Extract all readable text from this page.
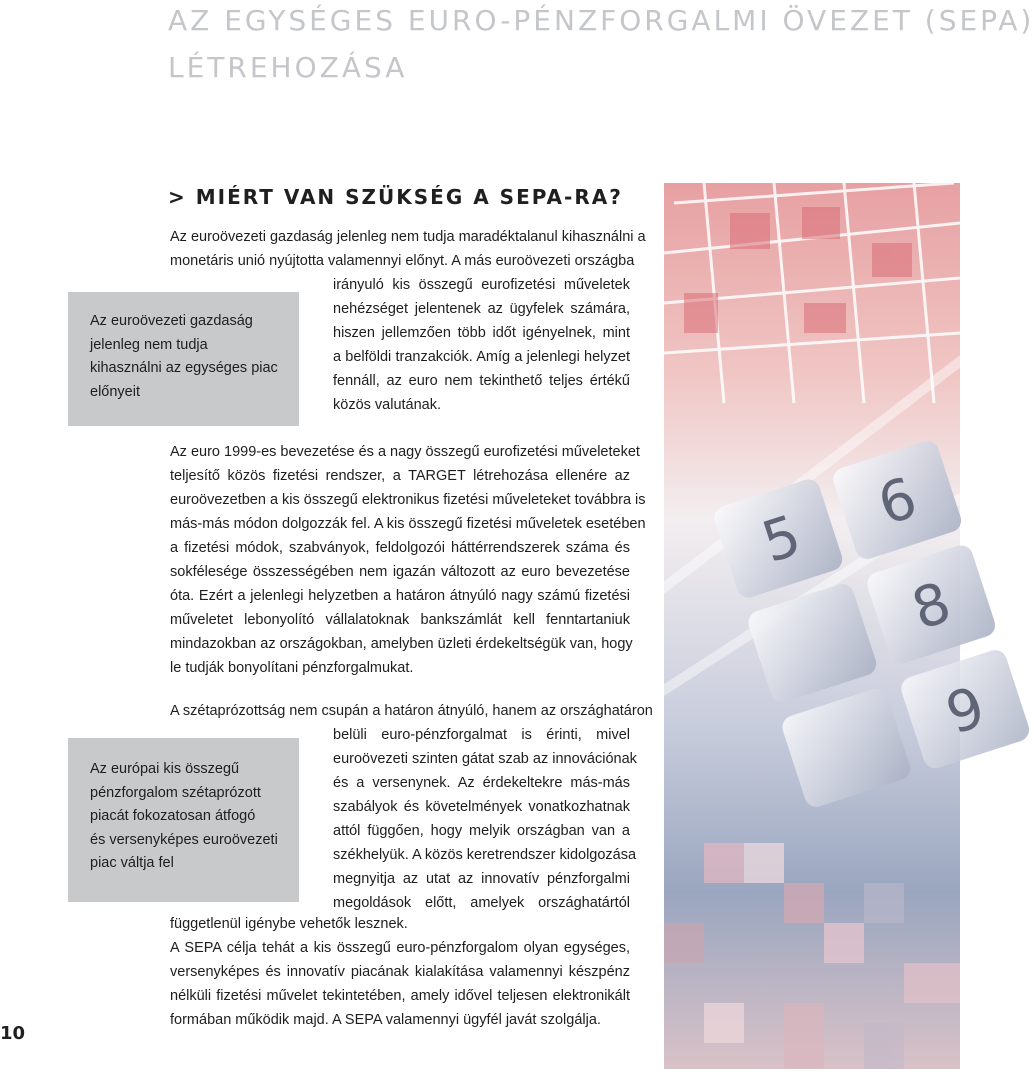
AZ EGYSÉGES EURO-PÉNZFORGALMI ÖVEZET (SEPA)
LÉTREHOZÁSA
> MIÉRT VAN SZÜKSÉG A SEPA-RA?
Az euroövezeti gazdaság jelenleg nem tudja maradéktalanul kihasználni a
monetáris unió nyújtotta valamennyi előnyt. A más euroövezeti országba
irányuló kis összegű eurofizetési műveletek
nehézséget jelentenek az ügyfelek számára,
hiszen jellemzően több időt igényelnek, mint
a belföldi tranzakciók. Amíg a jelenlegi helyzet
fennáll, az euro nem tekinthető teljes értékű
közös valutának.
Az euroövezeti gazdaság
jelenleg nem tudja
kihasználni az egységes piac
előnyeit
Az euro 1999-es bevezetése és a nagy összegű eurofizetési műveleteket
teljesítő közös fizetési rendszer, a TARGET létrehozása ellenére az
euroövezetben a kis összegű elektronikus fizetési műveleteket továbbra is
más-más módon dolgozzák fel. A kis összegű fizetési műveletek esetében
a fizetési módok, szabványok, feldolgozói háttérrendszerek száma és
sokfélesége összességében nem igazán változott az euro bevezetése
óta. Ezért a jelenlegi helyzetben a határon átnyúló nagy számú fizetési
műveletet lebonyolító vállalatoknak bankszámlát kell fenntartaniuk
mindazokban az országokban, amelyben üzleti érdekeltségük van, hogy
le tudják bonyolítani pénzforgalmukat.
A szétaprózottság nem csupán a határon átnyúló, hanem az országhatáron
belüli euro-pénzforgalmat is érinti, mivel
euroövezeti szinten gátat szab az innovációnak
és a versenynek. Az érdekeltekre más-más
szabályok és követelmények vonatkozhatnak
attól függően, hogy melyik országban van a
székhelyük. A közös keretrendszer kidolgozása
megnyitja az utat az innovatív pénzforgalmi
megoldások előtt, amelyek országhatártól
függetlenül igénybe vehetők lesznek.
A SEPA célja tehát a kis összegű euro-pénzforgalom olyan egységes,
versenyképes és innovatív piacának kialakítása valamennyi készpénz
nélküli fizetési művelet tekintetében, amely idővel teljesen elektronikált
formában működik majd. A SEPA valamennyi ügyfél javát szolgálja.
Az európai kis összegű
pénzforgalom szétaprózott
piacát fokozatosan átfogó
és versenyképes euroövezeti
piac váltja fel
5
6
8
9
10
